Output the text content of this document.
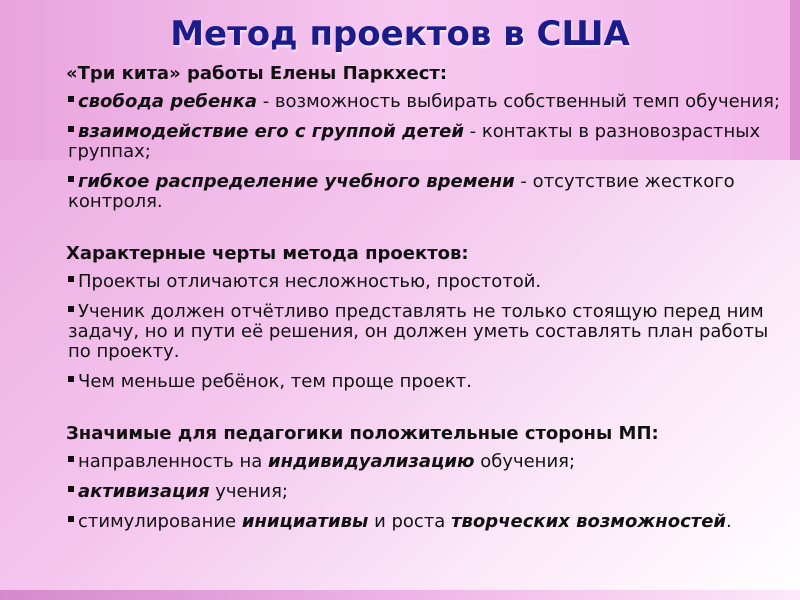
Метод проектов в США
«Три кита» работы Елены Паркхест:
свобода ребенка - возможность выбирать собственный темп обучения;
взаимодействие его с группой детей - контакты в разновозрастных группах;
гибкое распределение учебного времени - отсутствие жесткого контроля.
Характерные черты метода проектов:
Проекты отличаются несложностью, простотой.
Ученик должен отчётливо представлять не только стоящую перед ним задачу, но и пути её решения, он должен уметь составлять план работы по проекту.
Чем меньше ребёнок, тем проще проект.
Значимые для педагогики положительные стороны МП:
направленность на индивидуализацию обучения;
активизация учения;
стимулирование инициативы и роста творческих возможностей.
